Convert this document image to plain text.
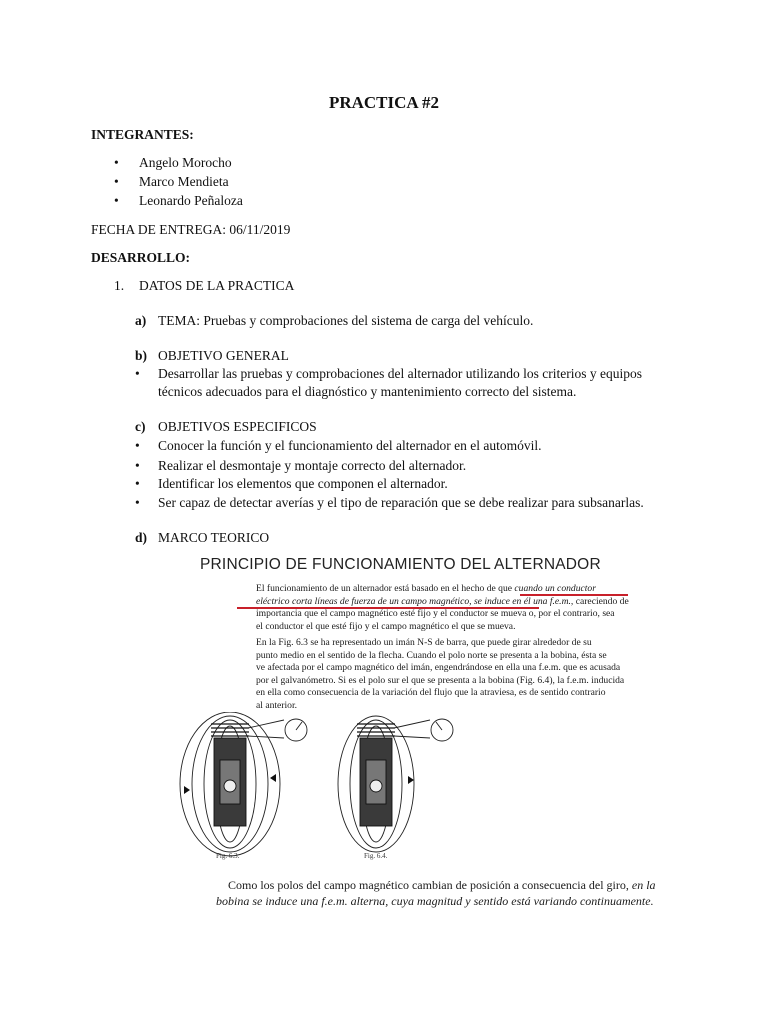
PRACTICA #2
INTEGRANTES:
• Angelo Morocho
• Marco Mendieta
• Leonardo Peñaloza
FECHA DE ENTREGA: 06/11/2019
DESARROLLO:
1. DATOS DE LA PRACTICA
a) TEMA: Pruebas y comprobaciones del sistema de carga del vehículo.
b) OBJETIVO GENERAL
• Desarrollar las pruebas y comprobaciones del alternador utilizando los criterios y equipos
técnicos adecuados para el diagnóstico y mantenimiento correcto del sistema.
c) OBJETIVOS ESPECIFICOS
• Conocer la función y el funcionamiento del alternador en el automóvil.
• Realizar el desmontaje y montaje correcto del alternador.
• Identificar los elementos que componen el alternador.
• Ser capaz de detectar averías y el tipo de reparación que se debe realizar para subsanarlas.
d) MARCO TEORICO
PRINCIPIO DE FUNCIONAMIENTO DEL ALTERNADOR
El funcionamiento de un alternador está basado en el hecho de que cuando un conductor
eléctrico corta líneas de fuerza de un campo magnético, se induce en él una f.e.m., careciendo de
importancia que el campo magnético esté fijo y el conductor se mueva o, por el contrario, sea
el conductor el que esté fijo y el campo magnético el que se mueva.
En la Fig. 6.3 se ha representado un imán N-S de barra, que puede girar alrededor de su
punto medio en el sentido de la flecha. Cuando el polo norte se presenta a la bobina, ésta se
ve afectada por el campo magnético del imán, engendrándose en ella una f.e.m. que es acusada
por el galvanómetro. Si es el polo sur el que se presenta a la bobina (Fig. 6.4), la f.e.m. inducida
en ella como consecuencia de la variación del flujo que la atraviesa, es de sentido contrario
al anterior.
Fig. 6.3.	Fig. 6.4.
Como los polos del campo magnético cambian de posición a consecuencia del giro, en la
bobina se induce una f.e.m. alterna, cuya magnitud y sentido está variando continuamente.
